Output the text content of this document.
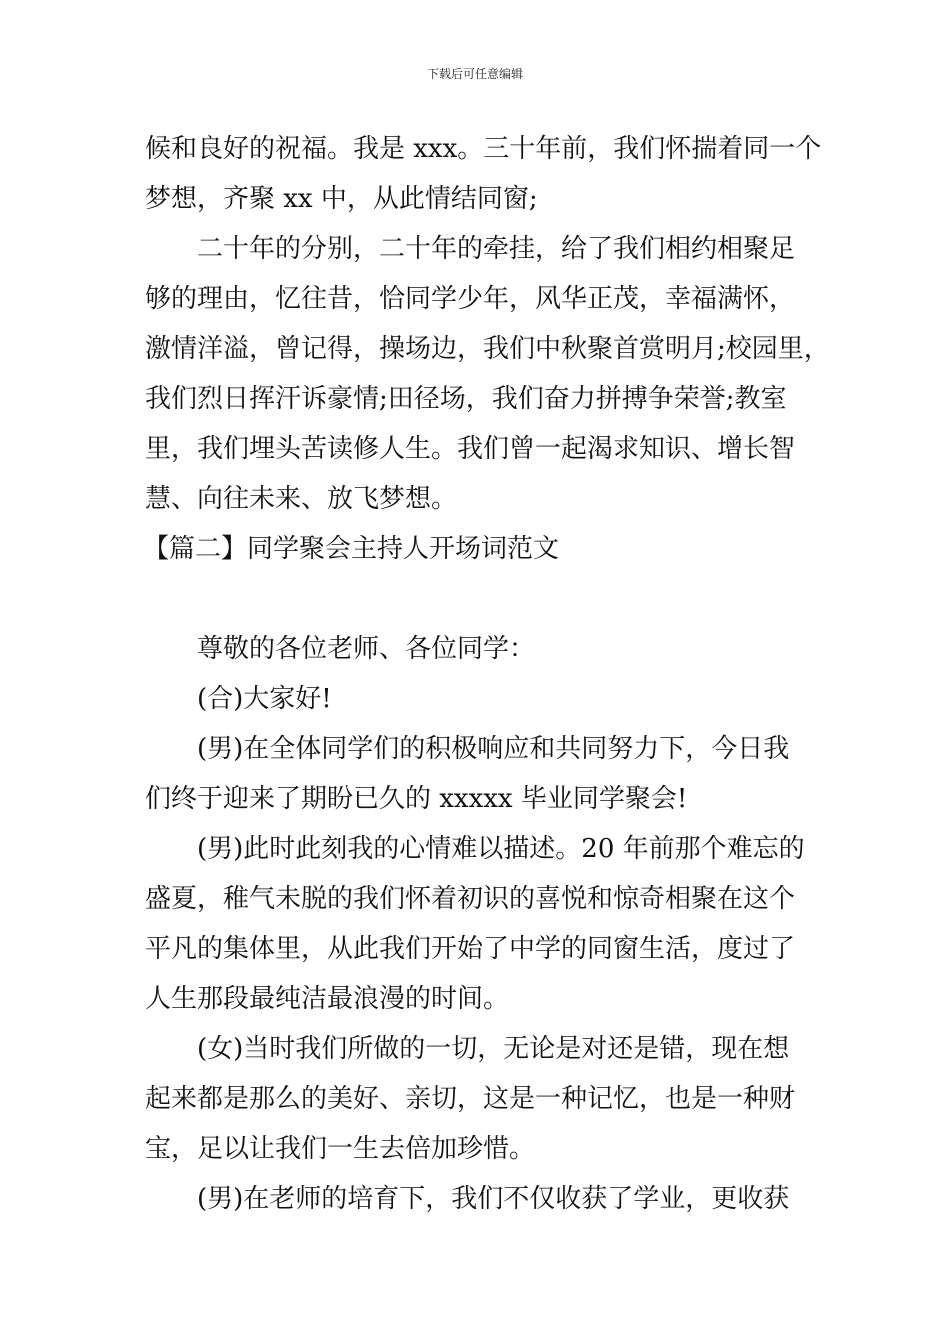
下载后可任意编辑
候和良好的祝福。我是 xxx。三十年前，我们怀揣着同一个
梦想，齐聚 xx 中，从此情结同窗;
二十年的分别，二十年的牵挂，给了我们相约相聚足
够的理由，忆往昔，恰同学少年，风华正茂，幸福满怀，
激情洋溢，曾记得，操场边，我们中秋聚首赏明月;校园里，
我们烈日挥汗诉豪情;田径场，我们奋力拼搏争荣誉;教室
里，我们埋头苦读修人生。我们曾一起渴求知识、增长智
慧、向往未来、放飞梦想。
【篇二】同学聚会主持人开场词范文
尊敬的各位老师、各位同学：
(合)大家好!
(男)在全体同学们的积极响应和共同努力下，今日我
们终于迎来了期盼已久的 xxxxx 毕业同学聚会!
(男)此时此刻我的心情难以描述。20 年前那个难忘的
盛夏，稚气未脱的我们怀着初识的喜悦和惊奇相聚在这个
平凡的集体里，从此我们开始了中学的同窗生活，度过了
人生那段最纯洁最浪漫的时间。
(女)当时我们所做的一切，无论是对还是错，现在想
起来都是那么的美好、亲切，这是一种记忆，也是一种财
宝，足以让我们一生去倍加珍惜。
(男)在老师的培育下，我们不仅收获了学业，更收获
